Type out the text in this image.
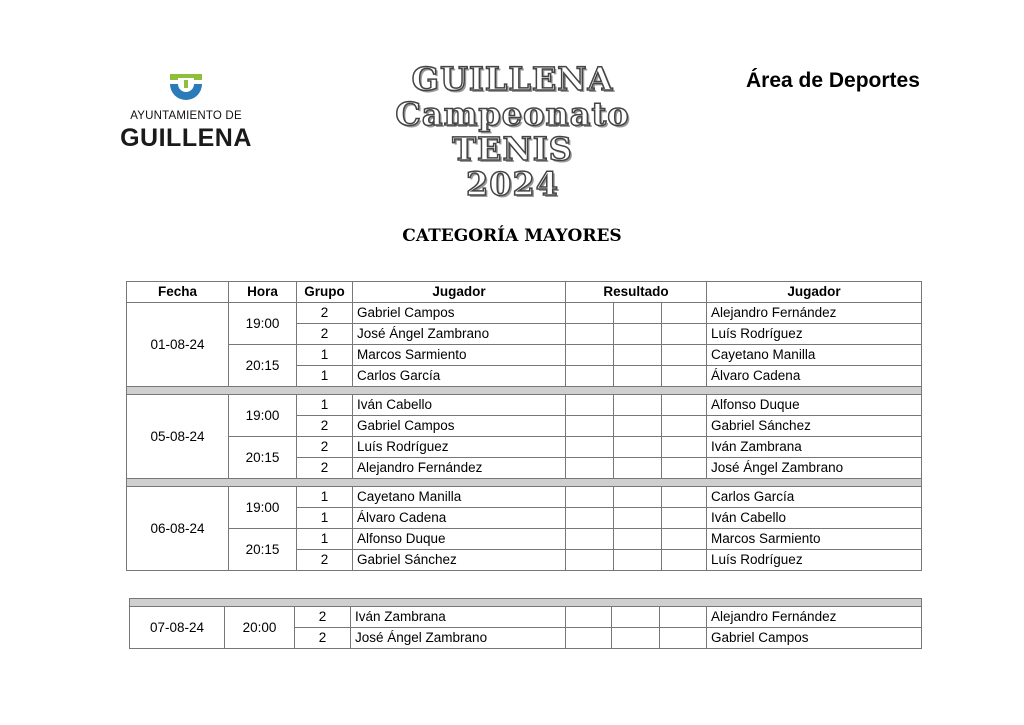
AYUNTAMIENTO DE
GUILLENA
GUILLENA
Campeonato TENIS
2024
Área de Deportes
CATEGORÍA MAYORES
Fecha	Hora	Grupo	Jugador	Resultado			Jugador
01-08-24	19:00	2	Gabriel Campos				Alejandro Fernández
		2	José Ángel Zambrano				Luís Rodríguez
	20:15	1	Marcos Sarmiento				Cayetano Manilla
		1	Carlos García				Álvaro Cadena

05-08-24	19:00	1	Iván Cabello				Alfonso Duque
		2	Gabriel Campos				Gabriel Sánchez
	20:15	2	Luís Rodríguez				Iván Zambrana
		2	Alejandro Fernández				José Ángel Zambrano

06-08-24	19:00	1	Cayetano Manilla				Carlos García
		1	Álvaro Cadena				Iván Cabello
	20:15	1	Alfonso Duque				Marcos Sarmiento
		2	Gabriel Sánchez				Luís Rodríguez

07-08-24	20:00	2	Iván Zambrana				Alejandro Fernández
		2	José Ángel Zambrano				Gabriel Campos
